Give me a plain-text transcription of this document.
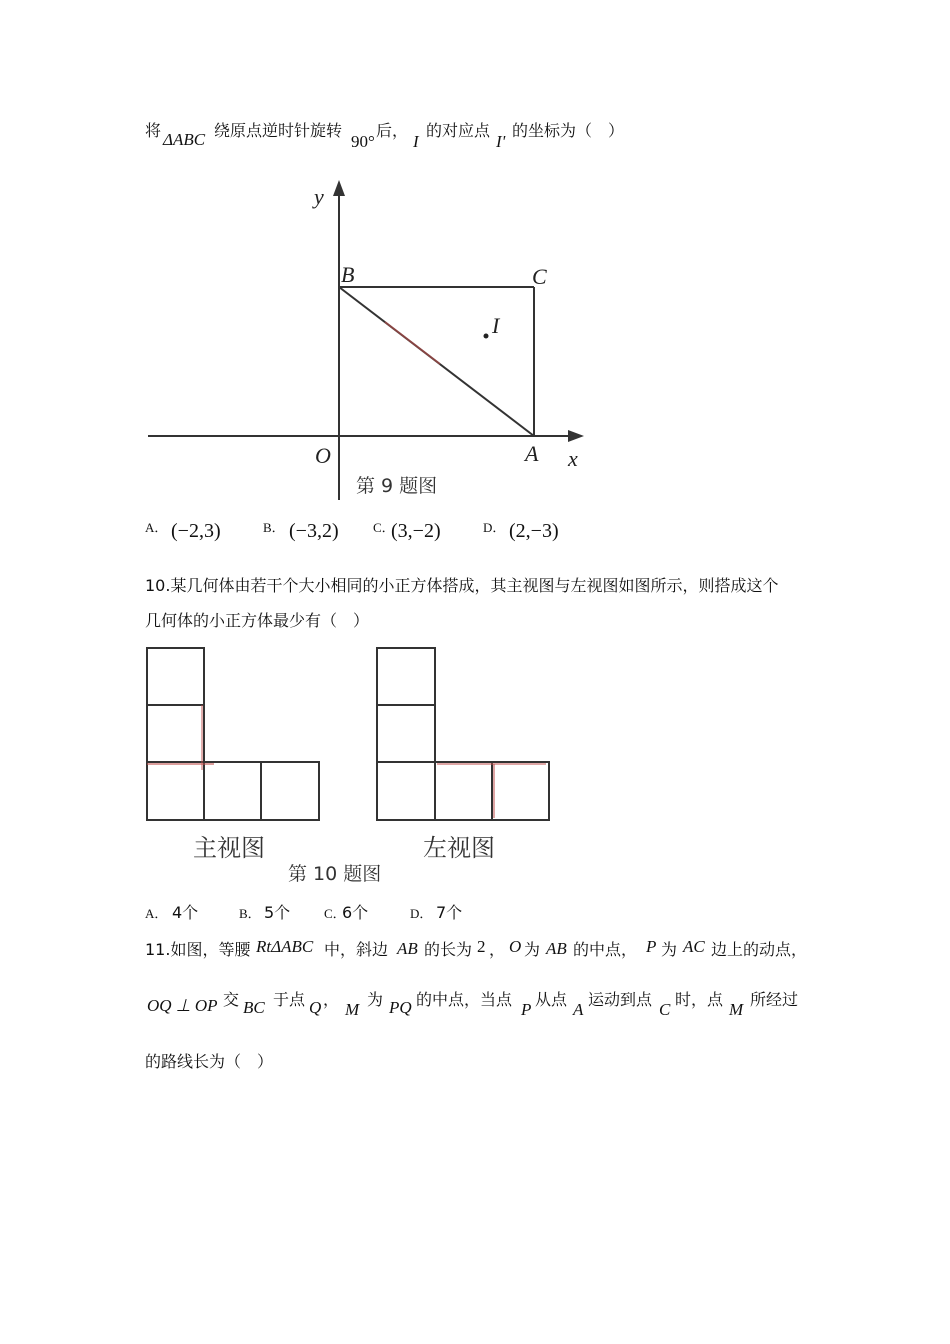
将 ΔABC 绕原点逆时针旋转
90°
后，
I
的对应点
I'
的坐标为（　）
y
x
O	A
B	C
I
第 9 题图
A． (−2,3)	B． (−3,2)	C．
(3,−2)	D． (2,−3)
10.某几何体由若干个大小相同的小正方体搭成，其主视图与左视图如图所示，则搭成这个
几何体的小正方体最少有（　）
主视图	左视图
第 10 题图
A． 4个	B． 5个	C．
6个	D． 7个
11.如图，等腰 RtΔABC 中，斜边 AB 的长为 2 ， O 为 AB 的中点， P 为 AC 边上的动点，
OQ ⊥ OP 交 BC 于点 Q ，
M
为 PQ 的中点，当点
P
从点
A
运动到点
C
时，点
M
所经过
的路线长为（　）
